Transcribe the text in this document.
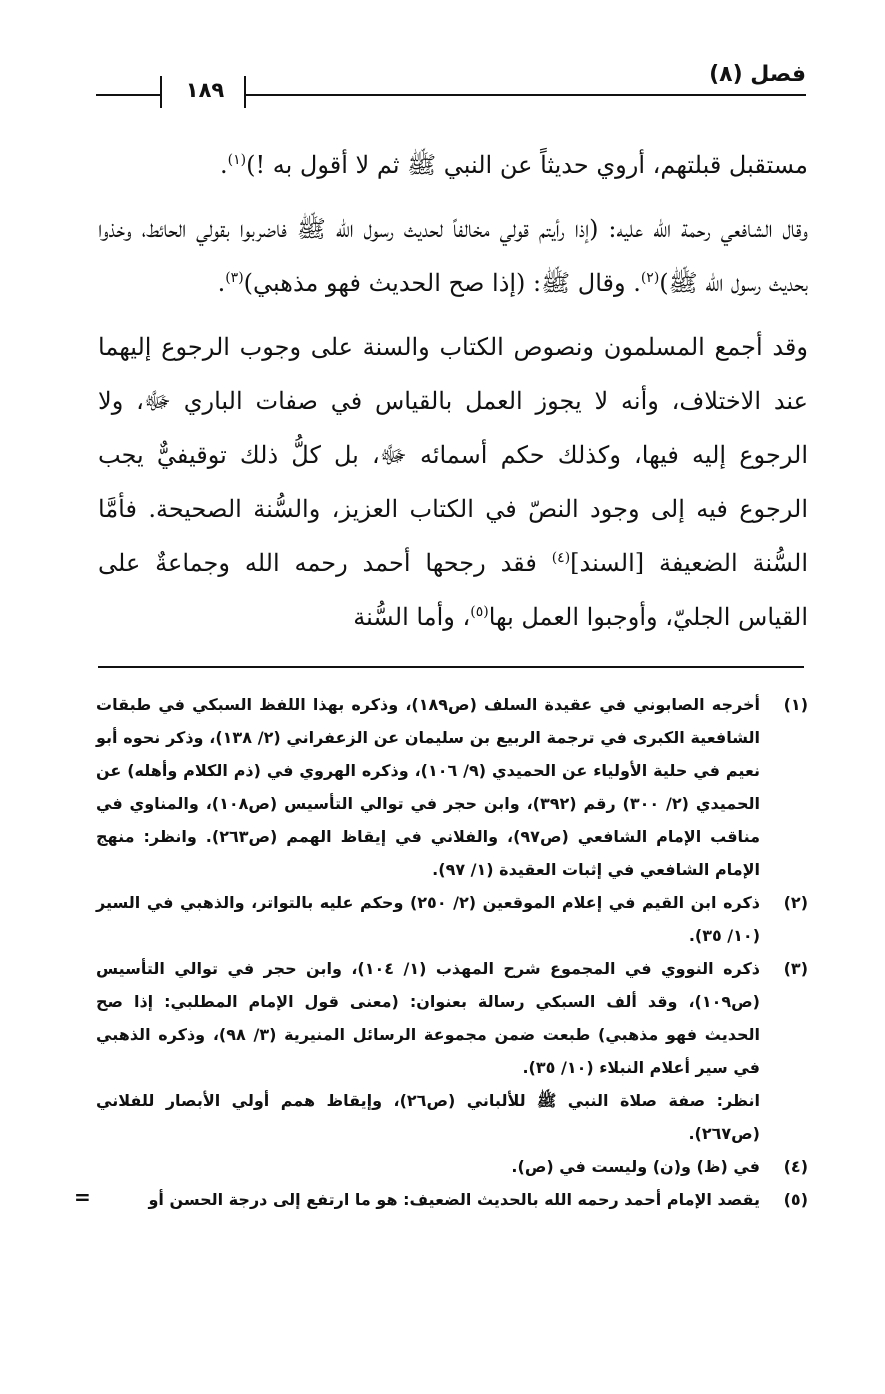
فصل (٨)
١٨٩

مستقبل قبلتهم، أروي حديثاً عن النبي ﷺ ثم لا أقول به !)$^{(١)}$.

وقال الشافعي رحمة الله عليه: (إذا رأيتم قولي مخالفاً لحديث رسول الله ﷺ فاضربوا بقولي الحائط، وخذوا بحديث رسول الله ﷺ)$^{(٢)}$. وقال ﷺ: (إذا صح الحديث فهو مذهبي)$^{(٣)}$.

وقد أجمع المسلمون ونصوص الكتاب والسنة على وجوب الرجوع إليهما عند الاختلاف، وأنه لا يجوز العمل بالقياس في صفات الباري ﷻ، ولا الرجوع إليه فيها، وكذلك حكم أسمائه ﷻ، بل كلُّ ذلك توقيفيٌّ يجب الرجوع فيه إلى وجود النصّ في الكتاب العزيز، والسُّنة الصحيحة. فأمَّا السُّنة الضعيفة [السند]$^{(٤)}$ فقد رجحها أحمد رحمه الله وجماعةٌ على القياس الجليّ، وأوجبوا العمل بها$^{(٥)}$، وأما السُّنة

(١)
أخرجه الصابوني في عقيدة السلف (ص١٨٩)، وذكره بهذا اللفظ السبكي في طبقات الشافعية الكبرى في ترجمة الربيع بن سليمان عن الزعفراني (٢/ ١٣٨)، وذكر نحوه أبو نعيم في حلية الأولياء عن الحميدي (٩/ ١٠٦)، وذكره الهروي في (ذم الكلام وأهله) عن الحميدي (٢/ ٣٠٠) رقم (٣٩٢)، وابن حجر في توالي التأسيس (ص١٠٨)، والمناوي في مناقب الإمام الشافعي (ص٩٧)، والفلاني في إيقاظ الهمم (ص٢٦٣). وانظر: منهج الإمام الشافعي في إثبات العقيدة (١/ ٩٧).
(٢)
ذكره ابن القيم في إعلام الموقعين (٢/ ٢٥٠) وحكم عليه بالتواتر، والذهبي في السير (١٠/ ٣٥).
(٣)
ذكره النووي في المجموع شرح المهذب (١/ ١٠٤)، وابن حجر في توالي التأسيس (ص١٠٩)، وقد ألف السبكي رسالة بعنوان: (معنى قول الإمام المطلبي: إذا صح الحديث فهو مذهبي) طبعت ضمن مجموعة الرسائل المنيرية (٣/ ٩٨)، وذكره الذهبي في سير أعلام النبلاء (١٠/ ٣٥).
انظر: صفة صلاة النبي ﷺ للألباني (ص٢٦)، وإيقاظ همم أولي الأبصار للفلاني (ص٢٦٧).
(٤)
في (ظ) و(ن) وليست في (ص).
(٥)
يقصد الإمام أحمد رحمه الله بالحديث الضعيف: هو ما ارتفع إلى درجة الحسن أو
=
